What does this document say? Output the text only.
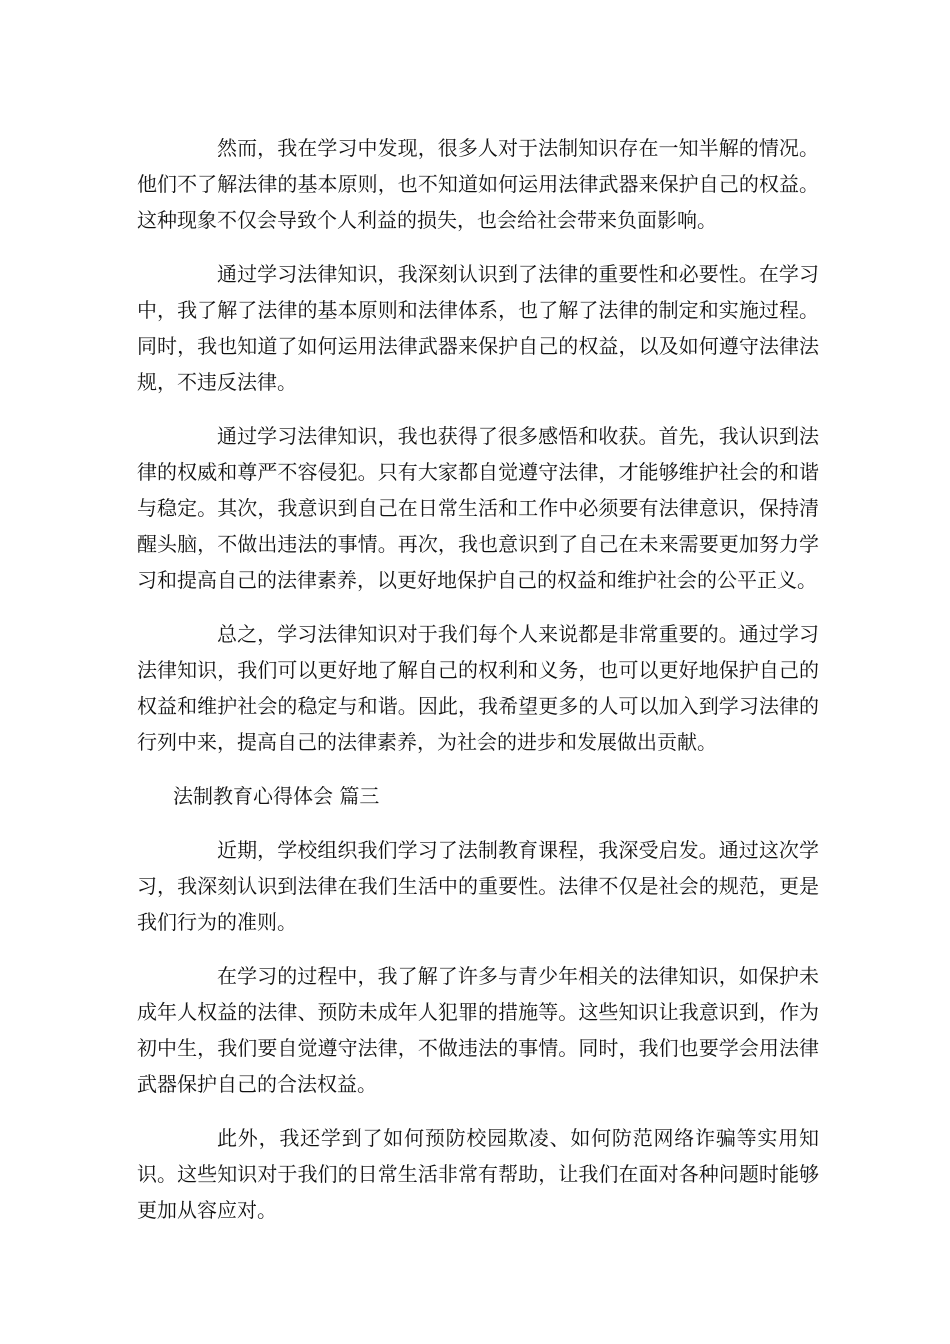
然而，我在学习中发现，很多人对于法制知识存在一知半解的情况。他们不了解法律的基本原则，也不知道如何运用法律武器来保护自己的权益。这种现象不仅会导致个人利益的损失，也会给社会带来负面影响。

通过学习法律知识，我深刻认识到了法律的重要性和必要性。在学习中，我了解了法律的基本原则和法律体系，也了解了法律的制定和实施过程。同时，我也知道了如何运用法律武器来保护自己的权益，以及如何遵守法律法规，不违反法律。

通过学习法律知识，我也获得了很多感悟和收获。首先，我认识到法律的权威和尊严不容侵犯。只有大家都自觉遵守法律，才能够维护社会的和谐与稳定。其次，我意识到自己在日常生活和工作中必须要有法律意识，保持清醒头脑，不做出违法的事情。再次，我也意识到了自己在未来需要更加努力学习和提高自己的法律素养，以更好地保护自己的权益和维护社会的公平正义。

总之，学习法律知识对于我们每个人来说都是非常重要的。通过学习法律知识，我们可以更好地了解自己的权利和义务，也可以更好地保护自己的权益和维护社会的稳定与和谐。因此，我希望更多的人可以加入到学习法律的行列中来，提高自己的法律素养，为社会的进步和发展做出贡献。

法制教育心得体会 篇三

近期，学校组织我们学习了法制教育课程，我深受启发。通过这次学习，我深刻认识到法律在我们生活中的重要性。法律不仅是社会的规范，更是我们行为的准则。

在学习的过程中，我了解了许多与青少年相关的法律知识，如保护未成年人权益的法律、预防未成年人犯罪的措施等。这些知识让我意识到，作为初中生，我们要自觉遵守法律，不做违法的事情。同时，我们也要学会用法律武器保护自己的合法权益。

此外，我还学到了如何预防校园欺凌、如何防范网络诈骗等实用知识。这些知识对于我们的日常生活非常有帮助，让我们在面对各种问题时能够更加从容应对。
